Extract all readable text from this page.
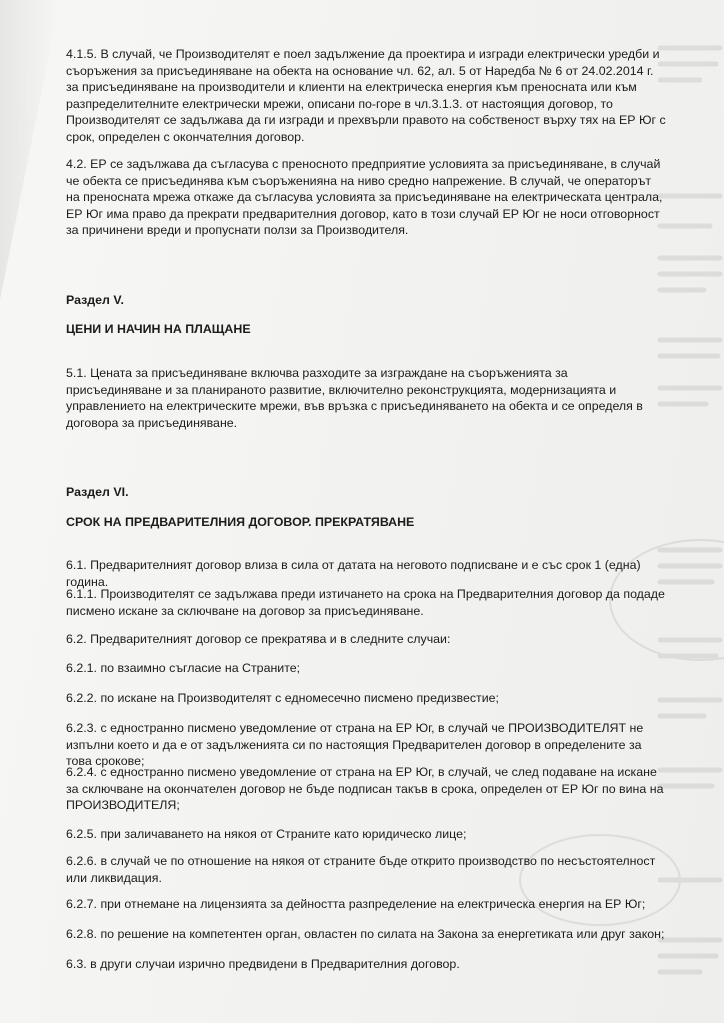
4.1.5. В случай, че Производителят е поел задължение да проектира и изгради електрически уредби и съоръжения за присъединяване на обекта на основание чл. 62, ал. 5 от Наредба № 6 от 24.02.2014 г. за присъединяване на производители и клиенти на електрическа енергия към преносната или към разпределителните електрически мрежи, описани по-горе в чл.3.1.3. от настоящия договор, то Производителят се задължава да ги изгради и прехвърли правото на собственост върху тях на ЕР Юг с срок, определен с окончателния договор.

4.2. ЕР се задължава да съгласува с преносното предприятие условията за присъединяване, в случай че обекта се присъединява към съоръжениянa на ниво средно напрежение. В случай, че операторът на преносната мрежа откаже да съгласува условията за присъединяване на електрическата централа, ЕР Юг има право да прекрати предварителния договор, като в този случай ЕР Юг не носи отговорност за причинени вреди и пропуснати ползи за Производителя.

Раздел V.

ЦЕНИ И НАЧИН НА ПЛАЩАНЕ

5.1. Цената за присъединяване включва разходите за изграждане на съоръженията за присъединяване и за планираното развитие, включително реконструкцията, модернизацията и управлението на електрическите мрежи, във връзка с присъединяването на обекта и се определя в договора за присъединяване.

Раздел VI.

СРОК НА ПРЕДВАРИТЕЛНИЯ ДОГОВОР. ПРЕКРАТЯВАНЕ

6.1. Предварителният договор влиза в сила от датата на неговото подписване и е със срок 1 (една) година.

6.1.1. Производителят се задължава преди изтичането на срока на Предварителния договор да подаде писмено искане за сключване на договор за присъединяване.

6.2. Предварителният договор се прекратява и в следните случаи:

6.2.1. по взаимно съгласие на Страните;

6.2.2. по искане на Производителят с едномесечно писмено предизвестие;

6.2.3. с едностранно писмено уведомление от страна на ЕР Юг, в случай че ПРОИЗВОДИТЕЛЯТ не изпълни което и да е от задълженията си по настоящия Предварителен договор в определените за това срокове;

6.2.4. с едностранно писмено уведомление от страна на ЕР Юг, в случай, че след подаване на искане за сключване на окончателен договор не бъде подписан такъв в срока, определен от ЕР Юг по вина на ПРОИЗВОДИТЕЛЯ;

6.2.5. при заличаването на някоя от Страните като юридическо лице;

6.2.6. в случай че по отношение на някоя от страните бъде открито производство по несъстоятелност или ликвидация.

6.2.7. при отнемане на лицензията за дейността разпределение на електрическа енергия на ЕР Юг;

6.2.8. по решение на компетентен орган, овластен по силата на Закона за енергетиката или друг закон;

6.3. в други случаи изрично предвидени в Предварителния договор.
